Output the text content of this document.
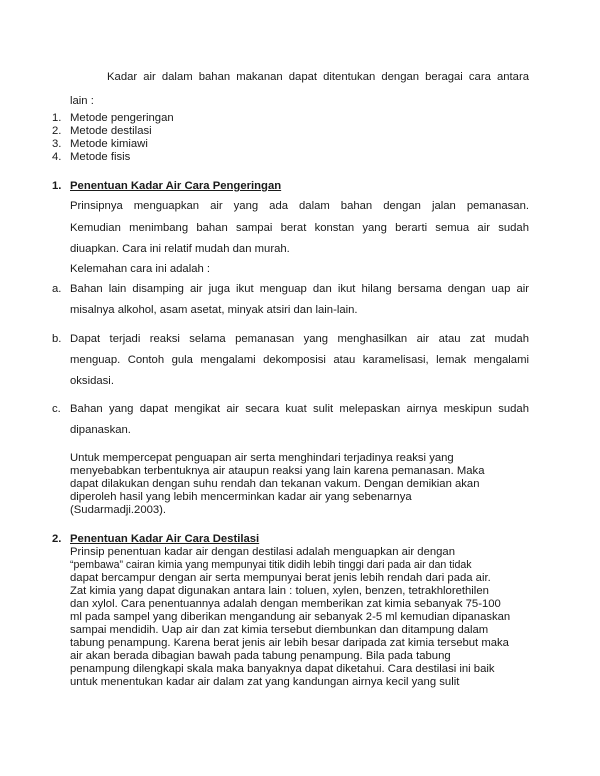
Kadar air dalam bahan makanan dapat ditentukan dengan beragai cara antara
lain :
1. Metode pengeringan
2. Metode destilasi
3. Metode kimiawi
4. Metode fisis
1. Penentuan Kadar Air Cara Pengeringan
Prinsipnya menguapkan air yang ada dalam bahan dengan jalan pemanasan.
Kemudian menimbang bahan sampai berat konstan yang berarti semua air sudah
diuapkan. Cara ini relatif mudah dan murah.
Kelemahan cara ini adalah :
a. Bahan lain disamping air juga ikut menguap dan ikut hilang bersama dengan uap air
misalnya alkohol, asam asetat, minyak atsiri dan lain-lain.
b. Dapat terjadi reaksi selama pemanasan yang menghasilkan air atau zat mudah
menguap. Contoh gula mengalami dekomposisi atau karamelisasi, lemak mengalami
oksidasi.
c. Bahan yang dapat mengikat air secara kuat sulit melepaskan airnya meskipun sudah
dipanaskan.
Untuk mempercepat penguapan air serta menghindari terjadinya reaksi yang
menyebabkan terbentuknya air ataupun reaksi yang lain karena pemanasan. Maka
dapat dilakukan dengan suhu rendah dan tekanan vakum. Dengan demikian akan
diperoleh hasil yang lebih mencerminkan kadar air yang sebenarnya
(Sudarmadji.2003).
2. Penentuan Kadar Air Cara Destilasi
Prinsip penentuan kadar air dengan destilasi adalah menguapkan air dengan
“pembawa” cairan kimia yang mempunyai titik didih lebih tinggi dari pada air dan tidak
dapat bercampur dengan air serta mempunyai berat jenis lebih rendah dari pada air.
Zat kimia yang dapat digunakan antara lain : toluen, xylen, benzen, tetrakhlorethilen
dan xylol. Cara penentuannya adalah dengan memberikan zat kimia sebanyak 75-100
ml pada sampel yang diberikan mengandung air sebanyak 2-5 ml kemudian dipanaskan
sampai mendidih. Uap air dan zat kimia tersebut diembunkan dan ditampung dalam
tabung penampung. Karena berat jenis air lebih besar daripada zat kimia tersebut maka
air akan berada dibagian bawah pada tabung penampung. Bila pada tabung
penampung dilengkapi skala maka banyaknya dapat diketahui. Cara destilasi ini baik
untuk menentukan kadar air dalam zat yang kandungan airnya kecil yang sulit
